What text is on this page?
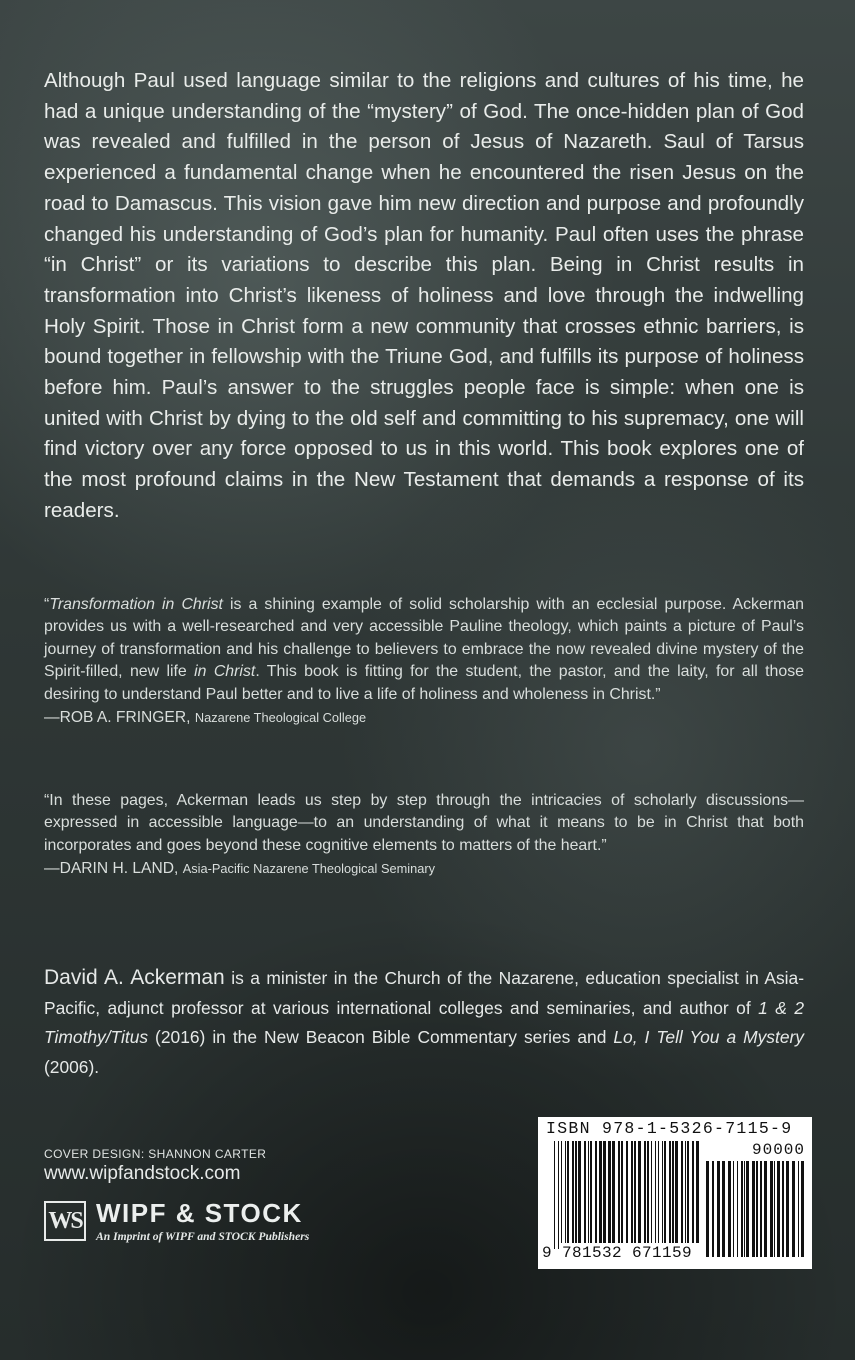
Although Paul used language similar to the religions and cultures of his time, he had a unique understanding of the “mystery” of God. The once-hidden plan of God was revealed and fulfilled in the person of Jesus of Nazareth. Saul of Tarsus experienced a fundamental change when he encountered the risen Jesus on the road to Damascus. This vision gave him new direction and purpose and profoundly changed his understanding of God’s plan for humanity. Paul often uses the phrase “in Christ” or its variations to describe this plan. Being in Christ results in transformation into Christ’s likeness of holiness and love through the indwelling Holy Spirit. Those in Christ form a new community that crosses ethnic barriers, is bound together in fellowship with the Triune God, and fulfills its purpose of holiness before him. Paul’s answer to the struggles people face is simple: when one is united with Christ by dying to the old self and committing to his supremacy, one will find victory over any force opposed to us in this world. This book explores one of the most profound claims in the New Testament that demands a response of its readers.

“Transformation in Christ is a shining example of solid scholarship with an ecclesial purpose. Ackerman provides us with a well-researched and very accessible Pauline theology, which paints a picture of Paul’s journey of transformation and his challenge to believers to embrace the now revealed divine mystery of the Spirit-filled, new life in Christ. This book is fitting for the student, the pastor, and the laity, for all those desiring to understand Paul better and to live a life of holiness and wholeness in Christ.”
—ROB A. FRINGER, Nazarene Theological College

“In these pages, Ackerman leads us step by step through the intricacies of scholarly discussions—expressed in accessible language—to an understanding of what it means to be in Christ that both incorporates and goes beyond these cognitive elements to matters of the heart.”
—DARIN H. LAND, Asia-Pacific Nazarene Theological Seminary

David A. Ackerman is a minister in the Church of the Nazarene, education specialist in Asia-Pacific, adjunct professor at various international colleges and seminaries, and author of 1 & 2 Timothy/Titus (2016) in the New Beacon Bible Commentary series and Lo, I Tell You a Mystery (2006).

COVER DESIGN: SHANNON CARTER
www.wipfandstock.com
WS WIPF & STOCK
An Imprint of WIPF and STOCK Publishers
ISBN 978-1-5326-7115-9
90000
9 781532 671159
